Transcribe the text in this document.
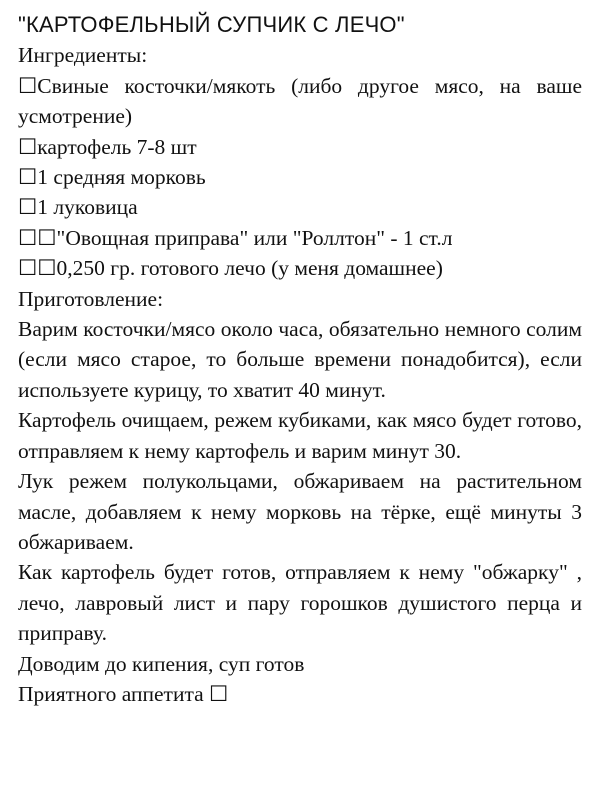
"КАРТОФЕЛЬНЫЙ СУПЧИК С ЛЕЧО"

Ингредиенты:

☐Свиные косточки/мякоть (либо другое мясо, на ваше усмотрение)

☐картофель 7-8 шт

☐1 средняя морковь

☐1 луковица

☐☐"Овощная приправа" или "Роллтон" - 1 ст.л

☐☐0,250 гр. готового лечо (у меня домашнее)

Приготовление:

Варим косточки/мясо около часа, обязательно немного солим (если мясо старое, то больше времени понадобится), если используете курицу, то хватит 40 минут.

Картофель очищаем, режем кубиками, как мясо будет готово, отправляем к нему картофель и варим минут 30.

Лук режем полукольцами, обжариваем на растительном масле, добавляем к нему морковь на тёрке, ещё минуты 3 обжариваем.

Как картофель будет готов, отправляем к нему "обжарку" , лечо, лавровый лист и пару горошков душистого перца и приправу.

Доводим до кипения, суп готов

Приятного аппетита ☐
